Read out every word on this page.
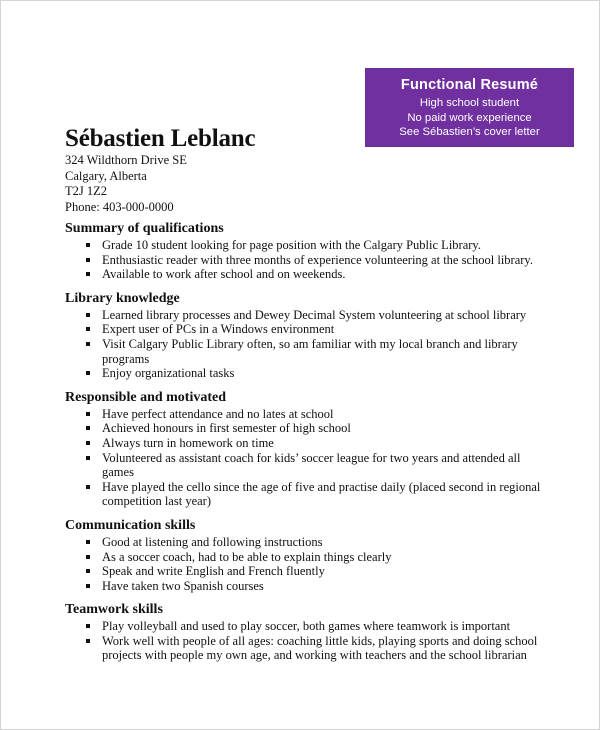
Functional Resumé
High school student
No paid work experience
See Sébastien’s cover letter
Sébastien Leblanc
324 Wildthorn Drive SE
Calgary, Alberta
T2J 1Z2
Phone: 403-000-0000
Summary of qualifications
Grade 10 student looking for page position with the Calgary Public Library.
Enthusiastic reader with three months of experience volunteering at the school library.
Available to work after school and on weekends.
Library knowledge
Learned library processes and Dewey Decimal System volunteering at school library
Expert user of PCs in a Windows environment
Visit Calgary Public Library often, so am familiar with my local branch and library programs
Enjoy organizational tasks
Responsible and motivated
Have perfect attendance and no lates at school
Achieved honours in first semester of high school
Always turn in homework on time
Volunteered as assistant coach for kids’ soccer league for two years and attended all games
Have played the cello since the age of five and practise daily (placed second in regional competition last year)
Communication skills
Good at listening and following instructions
As a soccer coach, had to be able to explain things clearly
Speak and write English and French fluently
Have taken two Spanish courses
Teamwork skills
Play volleyball and used to play soccer, both games where teamwork is important
Work well with people of all ages: coaching little kids, playing sports and doing school projects with people my own age, and working with teachers and the school librarian
